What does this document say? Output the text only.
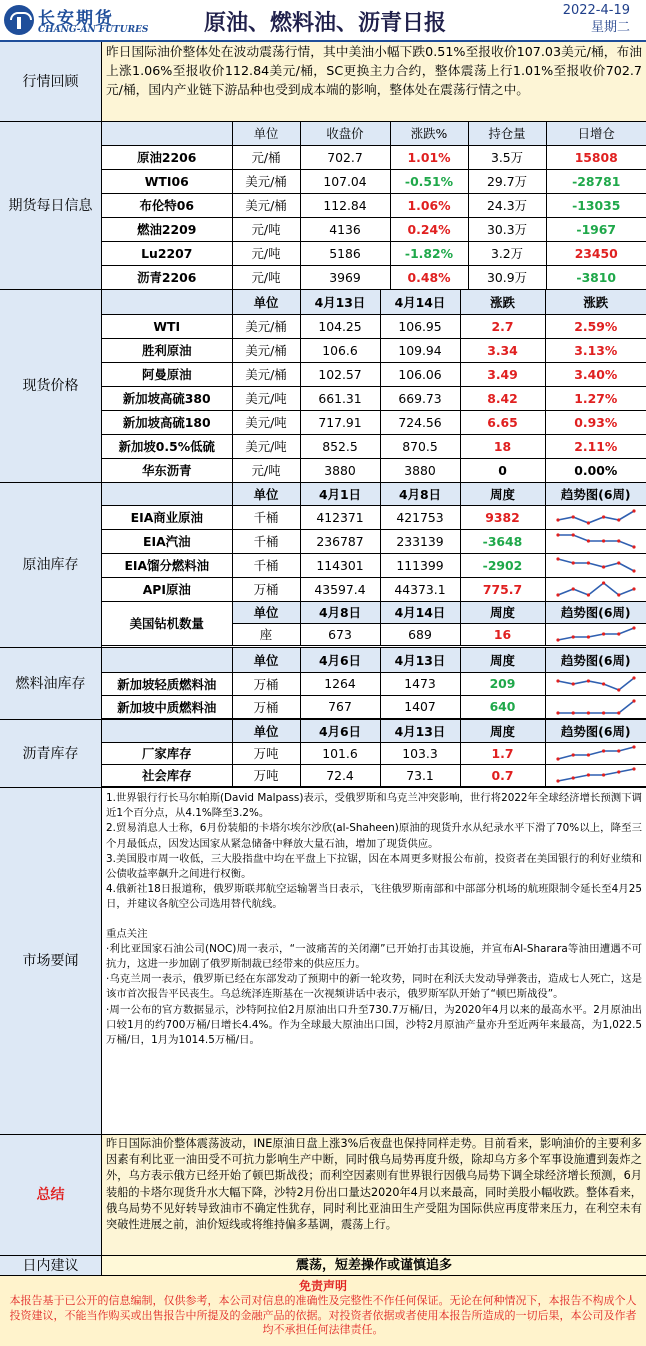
长安期货
CHANG-AN FUTURES	原油、燃料油、沥青日报
2022-4-19
星期二
行情回顾
昨日国际油价整体处在波动震荡行情，其中美油小幅下跌0.51%至报收价107.03美元/桶，布油上涨1.06%至报收价112.84美元/桶，SC更换主力合约，整体震荡上行1.01%至报收价702.7元/桶，国内产业链下游品种也受到成本端的影响，整体处在震荡行情之中。
期货每日信息
	单位	收盘价	涨跌%	持仓量	日增仓
原油2206	元/桶	702.7	1.01%	3.5万	15808
WTI06	美元/桶	107.04	-0.51%	29.7万	-28781
布伦特06	美元/桶	112.84	1.06%	24.3万	-13035
燃油2209	元/吨	4136	0.24%	30.3万	-1967
Lu2207	元/吨	5186	-1.82%	3.2万	23450
沥青2206	元/吨	3969	0.48%	30.9万	-3810
现货价格
	单位	4月13日	4月14日	涨跌	涨跌
WTI	美元/桶	104.25	106.95	2.7	2.59%
胜利原油	美元/桶	106.6	109.94	3.34	3.13%
阿曼原油	美元/桶	102.57	106.06	3.49	3.40%
新加坡高硫380	美元/吨	661.31	669.73	8.42	1.27%
新加坡高硫180	美元/吨	717.91	724.56	6.65	0.93%
新加坡0.5%低硫	美元/吨	852.5	870.5	18	2.11%
华东沥青	元/吨	3880	3880	0	0.00%
原油库存
	单位	4月1日	4月8日	周度	趋势图(6周)
EIA商业原油	千桶	412371	421753	9382	

EIA汽油	千桶	236787	233139	-3648	

EIA馏分燃料油	千桶	114301	111399	-2902	

API原油	万桶	43597.4	44373.1	775.7	

美国钻机数量	单位	4月8日	4月14日	周度	趋势图(6周)
	座	673	689	16	
燃料油库存
	单位	4月6日	4月13日	周度	趋势图(6周)
新加坡轻质燃料油	万桶	1264	1473	209	

新加坡中质燃料油	万桶	767	1407	640	
沥青库存
	单位	4月6日	4月13日	周度	趋势图(6周)
厂家库存	万吨	101.6	103.3	1.7	

社会库存	万吨	72.4	73.1	0.7	
市场要闻
1.世界银行行长马尔帕斯(David Malpass)表示，受俄罗斯和乌克兰冲突影响，世行将2022年全球经济增长预测下调近1个百分点，从4.1%降至3.2%。
2.贸易消息人士称，6月份装船的卡塔尔埃尔沙欣(al-Shaheen)原油的现货升水从纪录水平下滑了70%以上，降至三个月最低点，因发达国家从紧急储备中释放大量石油，增加了现货供应。
3.美国股市周一收低，三大股指盘中均在平盘上下拉锯，因在本周更多财报公布前，投资者在美国银行的利好业绩和公债收益率飙升之间进行权衡。
4.俄新社18日报道称，俄罗斯联邦航空运输署当日表示，飞往俄罗斯南部和中部部分机场的航班限制令延长至4月25日，并建议各航空公司选用替代航线。
重点关注
·利比亚国家石油公司(NOC)周一表示，“一波痛苦的关闭潮”已开始打击其设施，并宣布Al-Sharara等油田遭遇不可抗力，这进一步加剧了俄罗斯制裁已经带来的供应压力。
·乌克兰周一表示，俄罗斯已经在东部发动了预期中的新一轮攻势，同时在利沃夫发动导弹袭击，造成七人死亡，这是该市首次报告平民丧生。乌总统泽连斯基在一次视频讲话中表示，俄罗斯军队开始了“顿巴斯战役”。
·周一公布的官方数据显示，沙特阿拉伯2月原油出口升至730.7万桶/日，为2020年4月以来的最高水平。2月原油出口较1月的约700万桶/日增长4.4%。作为全球最大原油出口国，沙特2月原油产量亦升至近两年来最高，为1,022.5万桶/日，1月为1014.5万桶/日。
总结
昨日国际油价整体震荡波动，INE原油日盘上涨3%后夜盘也保持同样走势。目前看来，影响油价的主要利多因素有利比亚一油田受不可抗力影响生产中断，同时俄乌局势再度升级，除却乌方多个军事设施遭到轰炸之外，乌方表示俄方已经开始了顿巴斯战役；而利空因素则有世界银行因俄乌局势下调全球经济增长预测，6月装船的卡塔尔现货升水大幅下降，沙特2月份出口量达2020年4月以来最高，同时美股小幅收跌。整体看来，俄乌局势不见好转导致油市不确定性犹存，同时利比亚油田生产受阻为国际供应再度带来压力，在利空未有突破性进展之前，油价短线或将维持偏多基调，震荡上行。
日内建议	震荡，短差操作或谨慎追多
免责声明
本报告基于已公开的信息编制，仅供参考，本公司对信息的准确性及完整性不作任何保证。无论在何种情况下，本报告不构成个人投资建议，不能当作购买或出售报告中所提及的金融产品的依据。对投资者依据或者使用本报告所造成的一切后果，本公司及作者均不承担任何法律责任。
